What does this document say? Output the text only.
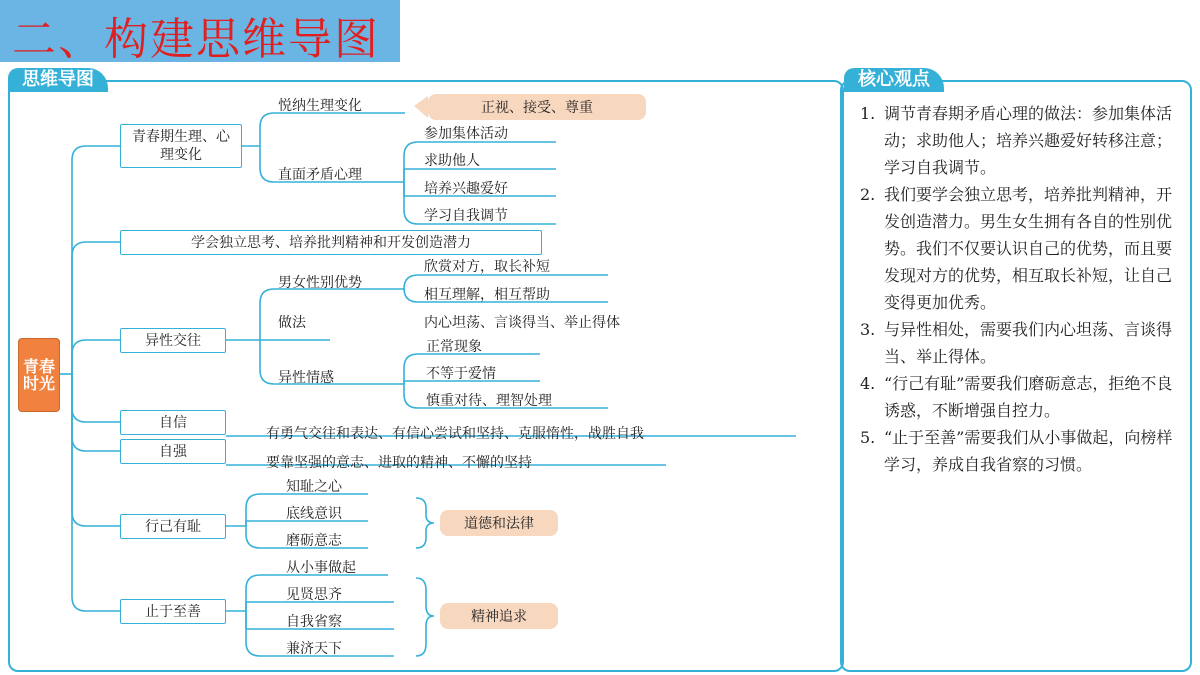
二、构建思维导图
思维导图	核心观点
青春时光
青春期生理、心理变化
悦纳生理变化	正视、接受、尊重
直面矛盾心理
参加集体活动
求助他人
培养兴趣爱好
学习自我调节
学会独立思考、培养批判精神和开发创造潜力
异性交往
男女性别优势
欣赏对方，取长补短
相互理解，相互帮助
做法	内心坦荡、言谈得当、举止得体
异性情感
正常现象
不等于爱情
慎重对待、理智处理
自信
有勇气交往和表达、有信心尝试和坚持、克服惰性，战胜自我
自强
要靠坚强的意志、进取的精神、不懈的坚持
行己有耻
知耻之心
底线意识
磨砺意志
道德和法律
止于至善
从小事做起
见贤思齐
自我省察
兼济天下
精神追求
1. 调节青春期矛盾心理的做法：参加集体活动；求助他人；培养兴趣爱好转移注意；学习自我调节。
2. 我们要学会独立思考，培养批判精神，开发创造潜力。男生女生拥有各自的性别优势。我们不仅要认识自己的优势，而且要发现对方的优势，相互取长补短，让自己变得更加优秀。
3. 与异性相处，需要我们内心坦荡、言谈得当、举止得体。
4. “行己有耻”需要我们磨砺意志，拒绝不良诱惑，不断增强自控力。
5. “止于至善”需要我们从小事做起，向榜样学习，养成自我省察的习惯。
